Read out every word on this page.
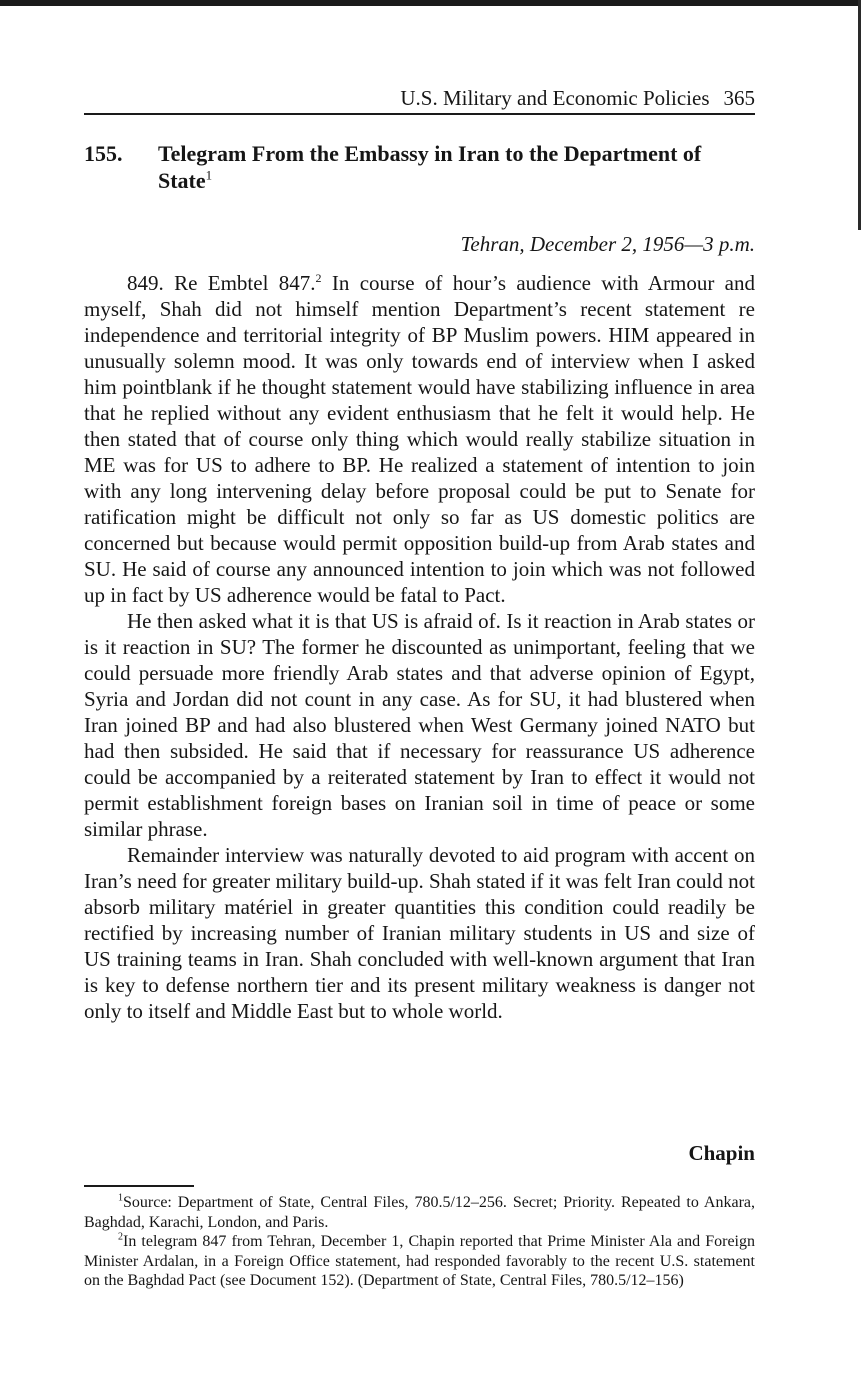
U.S. Military and Economic Policies 365
155. Telegram From the Embassy in Iran to the Department of State$^1$
Tehran, December 2, 1956—3 p.m.

849. Re Embtel 847.$^2$ In course of hour’s audience with Armour and myself, Shah did not himself mention Department’s recent statement re independence and territorial integrity of BP Muslim powers. HIM appeared in unusually solemn mood. It was only towards end of interview when I asked him pointblank if he thought statement would have stabilizing influence in area that he replied without any evident enthusiasm that he felt it would help. He then stated that of course only thing which would really stabilize situation in ME was for US to adhere to BP. He realized a statement of intention to join with any long intervening delay before proposal could be put to Senate for ratification might be difficult not only so far as US domestic politics are concerned but because would permit opposition build-up from Arab states and SU. He said of course any announced intention to join which was not followed up in fact by US adherence would be fatal to Pact.

He then asked what it is that US is afraid of. Is it reaction in Arab states or is it reaction in SU? The former he discounted as unimportant, feeling that we could persuade more friendly Arab states and that adverse opinion of Egypt, Syria and Jordan did not count in any case. As for SU, it had blustered when Iran joined BP and had also blustered when West Germany joined NATO but had then subsided. He said that if necessary for reassurance US adherence could be accompanied by a reiterated statement by Iran to effect it would not permit establishment foreign bases on Iranian soil in time of peace or some similar phrase.

Remainder interview was naturally devoted to aid program with accent on Iran’s need for greater military build-up. Shah stated if it was felt Iran could not absorb military matériel in greater quantities this condition could readily be rectified by increasing number of Iranian military students in US and size of US training teams in Iran. Shah concluded with well-known argument that Iran is key to defense northern tier and its present military weakness is danger not only to itself and Middle East but to whole world.

Chapin

$^1$Source: Department of State, Central Files, 780.5/12–256. Secret; Priority. Repeated to Ankara, Baghdad, Karachi, London, and Paris.

$^2$In telegram 847 from Tehran, December 1, Chapin reported that Prime Minister Ala and Foreign Minister Ardalan, in a Foreign Office statement, had responded favorably to the recent U.S. statement on the Baghdad Pact (see Document 152). (Department of State, Central Files, 780.5/12–156)
